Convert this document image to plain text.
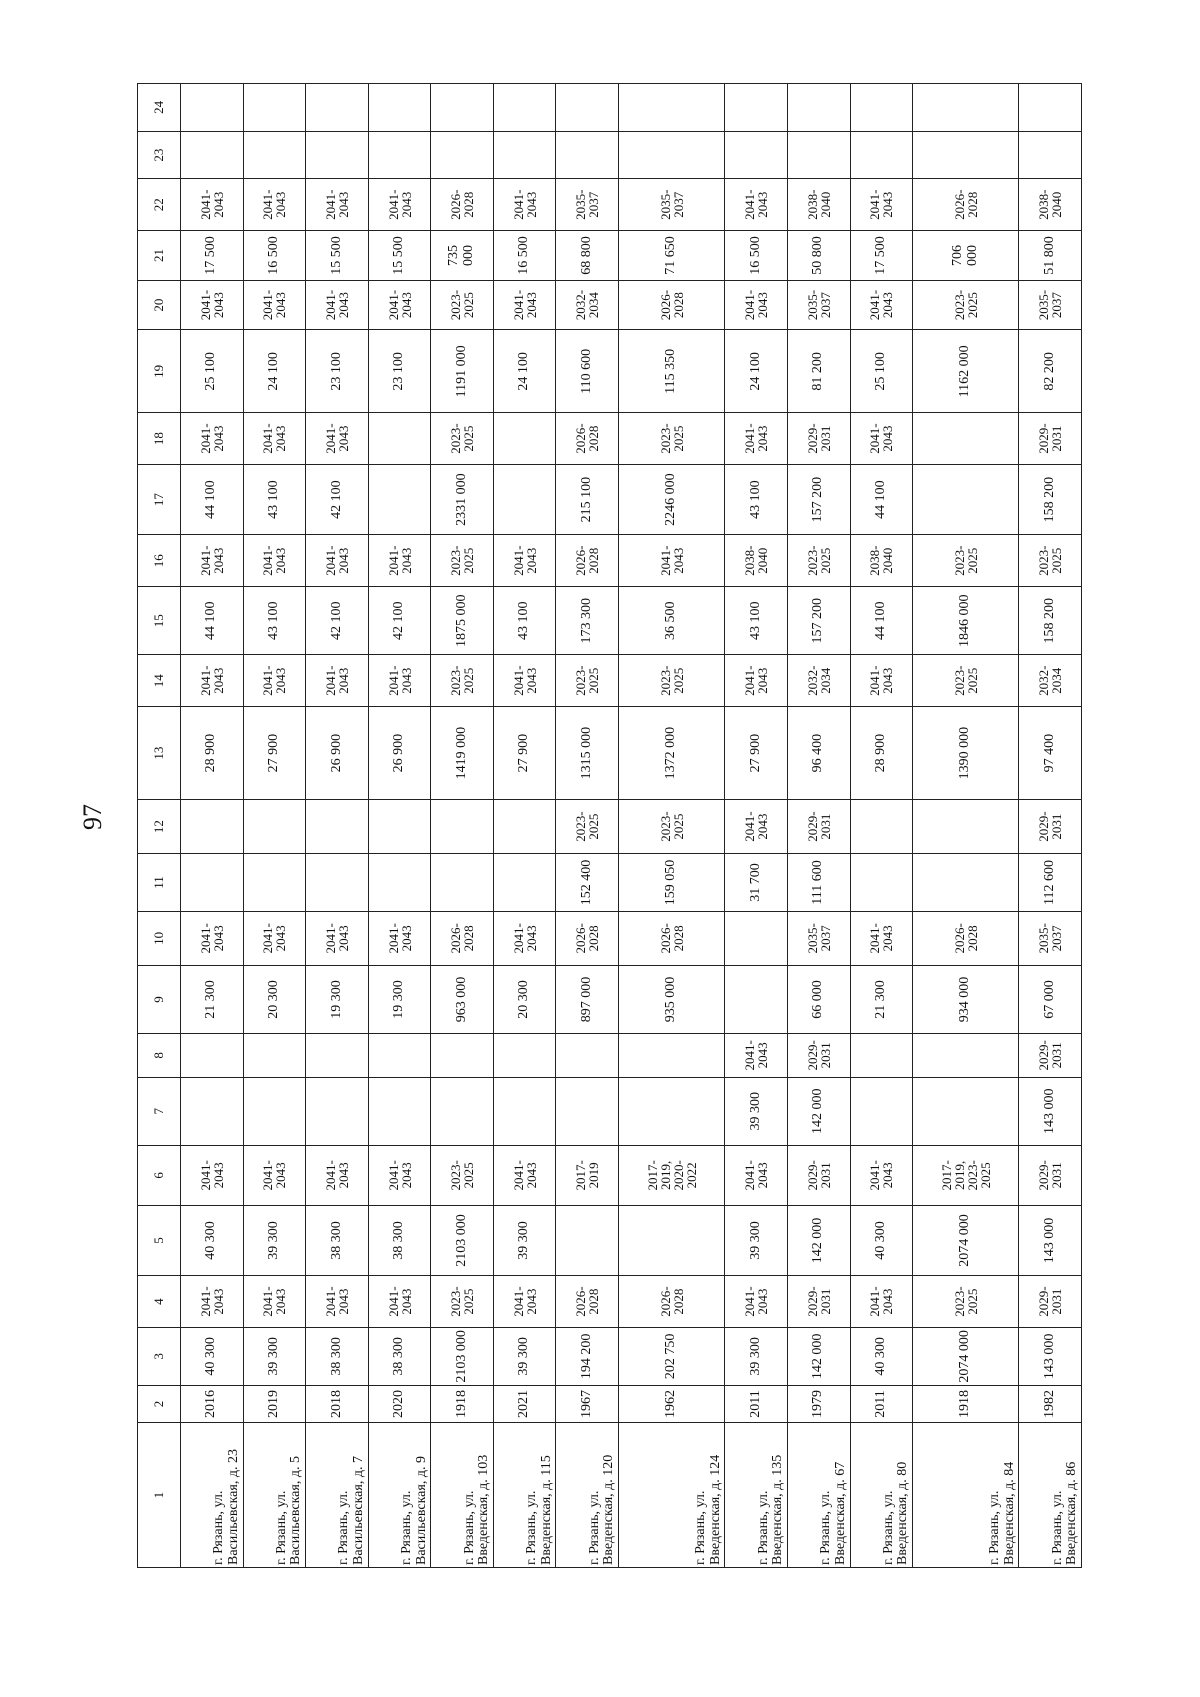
97
1	2	3	4	5	6	7	8	9	10	11	12	13	14	15	16	17	18	19	20	21	22	23	24
г. Рязань, ул. Васильевская, д. 23	2016	40 300	2041-2043	40 300	2041-2043			21 300	2041-2043			28 900	2041-2043	44 100	2041-2043	44 100	2041-2043	25 100	2041-2043	17 500	2041-2043		
г. Рязань, ул. Васильевская, д. 5	2019	39 300	2041-2043	39 300	2041-2043			20 300	2041-2043			27 900	2041-2043	43 100	2041-2043	43 100	2041-2043	24 100	2041-2043	16 500	2041-2043		
г. Рязань, ул. Васильевская, д. 7	2018	38 300	2041-2043	38 300	2041-2043			19 300	2041-2043			26 900	2041-2043	42 100	2041-2043	42 100	2041-2043	23 100	2041-2043	15 500	2041-2043		
г. Рязань, ул. Васильевская, д. 9	2020	38 300	2041-2043	38 300	2041-2043			19 300	2041-2043			26 900	2041-2043	42 100	2041-2043			23 100	2041-2043	15 500	2041-2043		
г. Рязань, ул. Введенская, д. 103	1918	2103 000	2023-2025	2103 000	2023-2025			963 000	2026-2028			1419 000	2023-2025	1875 000	2023-2025	2331 000	2023-2025	1191 000	2023-2025	735 000	2026-2028		
г. Рязань, ул. Введенская, д. 115	2021	39 300	2041-2043	39 300	2041-2043			20 300	2041-2043			27 900	2041-2043	43 100	2041-2043			24 100	2041-2043	16 500	2041-2043		
г. Рязань, ул. Введенская, д. 120	1967	194 200	2026-2028		2017-2019			897 000	2026-2028	152 400	2023-2025	1315 000	2023-2025	173 300	2026-2028	215 100	2026-2028	110 600	2032-2034	68 800	2035-2037		
г. Рязань, ул. Введенская, д. 124	1962	202 750	2026-2028		2017-2019, 2020-2022			935 000	2026-2028	159 050	2023-2025	1372 000	2023-2025	36 500	2041-2043	2246 000	2023-2025	115 350	2026-2028	71 650	2035-2037		
г. Рязань, ул. Введенская, д. 135	2011	39 300	2041-2043	39 300	2041-2043	39 300	2041-2043			31 700	2041-2043	27 900	2041-2043	43 100	2038-2040	43 100	2041-2043	24 100	2041-2043	16 500	2041-2043		
г. Рязань, ул. Введенская, д. 67	1979	142 000	2029-2031	142 000	2029-2031	142 000	2029-2031	66 000	2035-2037	111 600	2029-2031	96 400	2032-2034	157 200	2023-2025	157 200	2029-2031	81 200	2035-2037	50 800	2038-2040		
г. Рязань, ул. Введенская, д. 80	2011	40 300	2041-2043	40 300	2041-2043			21 300	2041-2043			28 900	2041-2043	44 100	2038-2040	44 100	2041-2043	25 100	2041-2043	17 500	2041-2043		
г. Рязань, ул. Введенская, д. 84	1918	2074 000	2023-2025	2074 000	2017-2019, 2023-2025			934 000	2026-2028			1390 000	2023-2025	1846 000	2023-2025			1162 000	2023-2025	706 000	2026-2028		
г. Рязань, ул. Введенская, д. 86	1982	143 000	2029-2031	143 000	2029-2031	143 000	2029-2031	67 000	2035-2037	112 600	2029-2031	97 400	2032-2034	158 200	2023-2025	158 200	2029-2031	82 200	2035-2037	51 800	2038-2040		
